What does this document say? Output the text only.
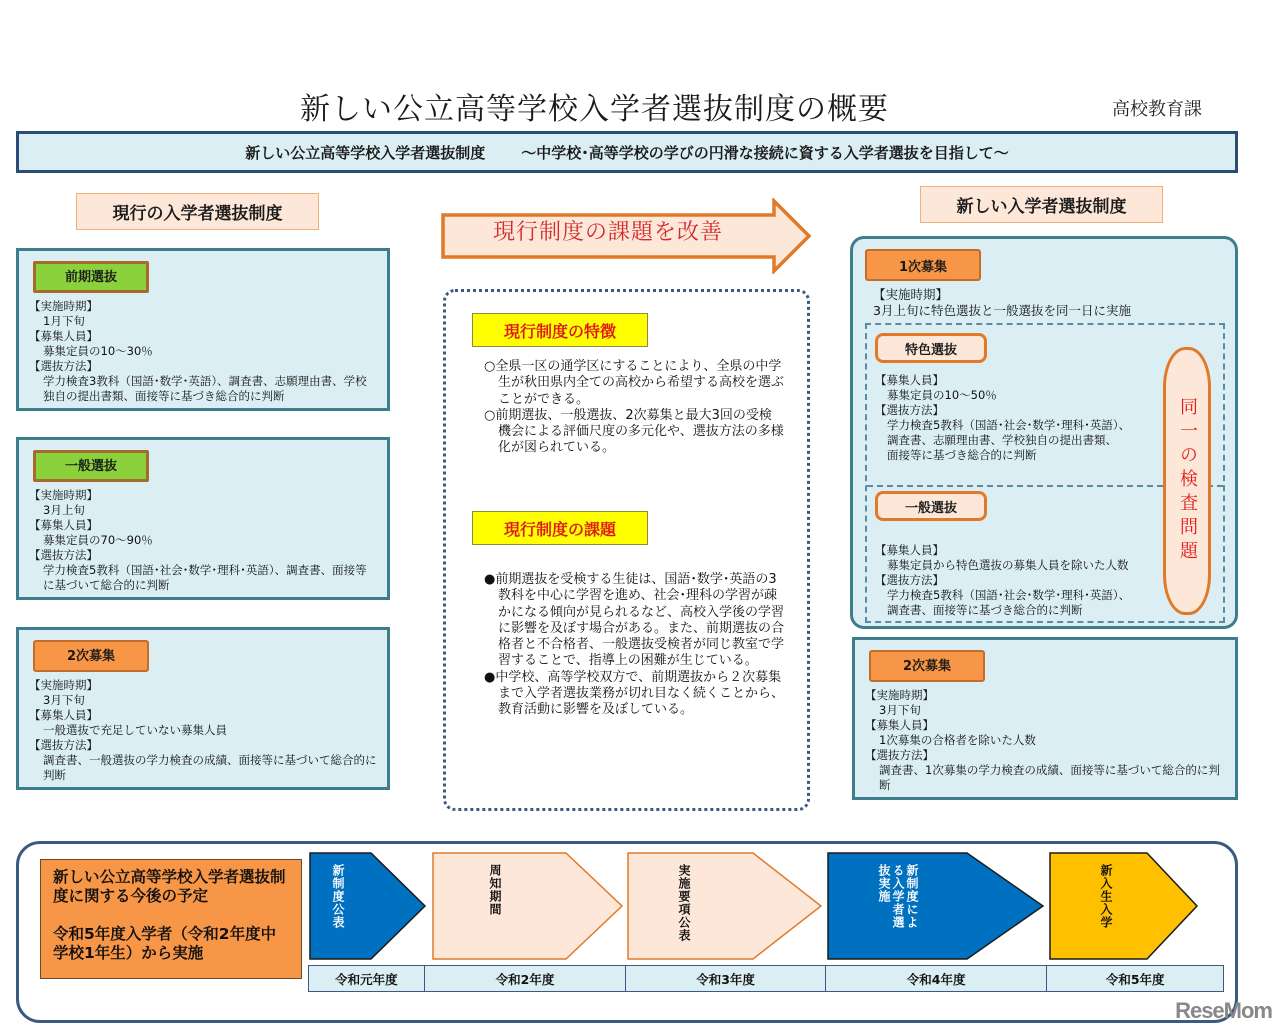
新しい公立高等学校入学者選抜制度の概要	高校教育課
新しい公立高等学校入学者選抜制度 ～中学校･高等学校の学びの円滑な接続に資する入学者選抜を目指して～
現行の入学者選抜制度	新しい入学者選抜制度
前期選抜
【実施時期】
1月下旬
【募集人員】
募集定員の10～30％
【選抜方法】
学力検査3教科（国語･数学･英語）、調査書、志願理由書、学校独自の提出書類、面接等に基づき総合的に判断
一般選抜
【実施時期】
3月上旬
【募集人員】
募集定員の70～90％
【選抜方法】
学力検査5教科（国語･社会･数学･理科･英語）、調査書、面接等に基づいて総合的に判断
2次募集
【実施時期】
3月下旬
【募集人員】
一般選抜で充足していない募集人員
【選抜方法】
調査書、一般選抜の学力検査の成績、面接等に基づいて総合的に判断
現行制度の課題を改善
現行制度の特徴

○全県一区の通学区にすることにより、全県の中学生が秋田県内全ての高校から希望する高校を選ぶことができる。

○前期選抜、一般選抜、2次募集と最大3回の受検機会による評価尺度の多元化や、選抜方法の多様化が図られている。

現行制度の課題

●前期選抜を受検する生徒は、国語･数学･英語の3教科を中心に学習を進め、社会･理科の学習が疎かになる傾向が見られるなど、高校入学後の学習に影響を及ぼす場合がある。また、前期選抜の合格者と不合格者、一般選抜受検者が同じ教室で学習することで、指導上の困難が生じている。

●中学校、高等学校双方で、前期選抜から２次募集まで入学者選抜業務が切れ目なく続くことから、教育活動に影響を及ぼしている。

1次募集
【実施時期】
3月上旬に特色選抜と一般選抜を同一日に実施
特色選抜
【募集人員】
募集定員の10～50％
【選抜方法】
学力検査5教科（国語･社会･数学･理科･英語）、
調査書、志願理由書、学校独自の提出書類、
面接等に基づき総合的に判断
一般選抜
【募集人員】
募集定員から特色選抜の募集人員を除いた人数
【選抜方法】
学力検査5教科（国語･社会･数学･理科･英語）、
調査書、面接等に基づき総合的に判断
同一の検査問題
2次募集
【実施時期】
3月下旬
【募集人員】
1次募集の合格者を除いた人数
【選抜方法】
調査書、1次募集の学力検査の成績、面接等に基づいて総合的に判断

新しい公立高等学校入学者選抜制度に関する今後の予定

令和5年度入学者（令和2年度中学校1年生）から実施

新制度公表	周知期間	実施要項公表	新制度による入学者選抜実施	新入生入学
令和元年度	令和2年度	令和3年度	令和4年度	令和5年度
ReseMom
